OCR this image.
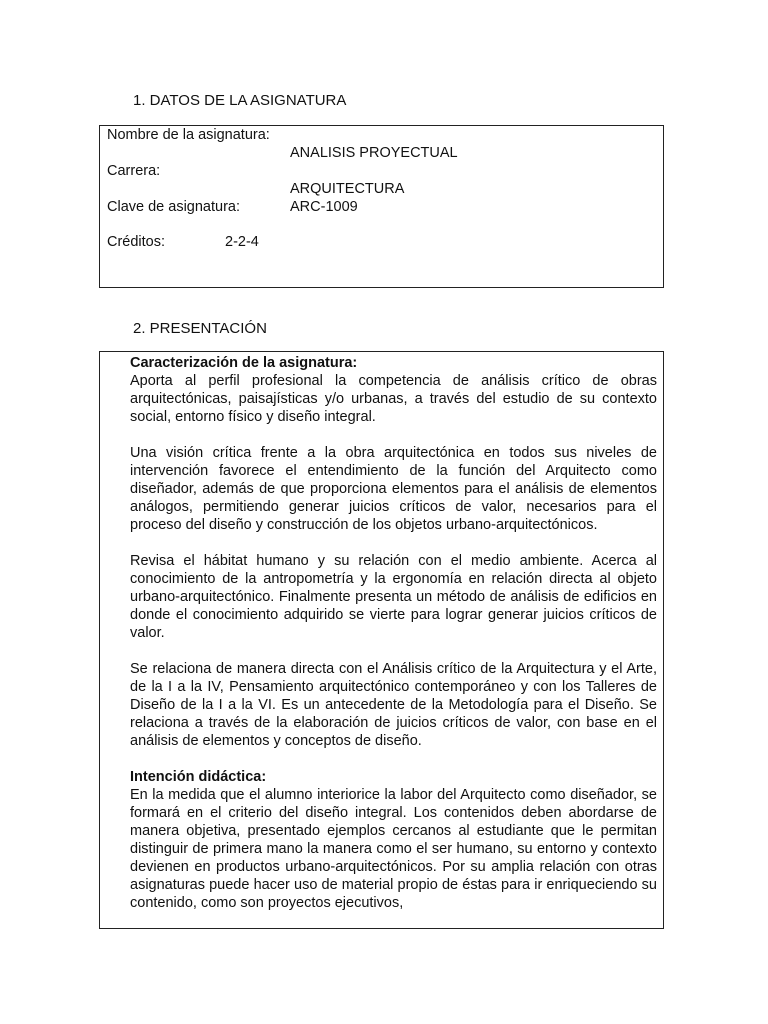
1. DATOS DE LA ASIGNATURA
Nombre de la asignatura:
ANALISIS PROYECTUAL
Carrera:
ARQUITECTURA
Clave de asignatura:	ARC-1009
Créditos:	2-2-4
2. PRESENTACIÓN
Caracterización de la asignatura:

Aporta al perfil profesional la competencia de análisis crítico de obras arquitectónicas, paisajísticas y/o urbanas, a través del estudio de su contexto social, entorno físico y diseño integral.

Una visión crítica frente a la obra arquitectónica en todos sus niveles de intervención favorece el entendimiento de la función del Arquitecto como diseñador, además de que proporciona elementos para el análisis de elementos análogos, permitiendo generar juicios críticos de valor, necesarios para el proceso del diseño y construcción de los objetos urbano-arquitectónicos.

Revisa el hábitat humano y su relación con el medio ambiente. Acerca al conocimiento de la antropometría y la ergonomía en relación directa al objeto urbano-arquitectónico. Finalmente presenta un método de análisis de edificios en donde el conocimiento adquirido se vierte para lograr generar juicios críticos de valor.

Se relaciona de manera directa con el Análisis crítico de la Arquitectura y el Arte, de la I a la IV, Pensamiento arquitectónico contemporáneo y con los Talleres de Diseño de la I a la VI. Es un antecedente de la Metodología para el Diseño. Se relaciona a través de la elaboración de juicios críticos de valor, con base en el análisis de elementos y conceptos de diseño.

Intención didáctica:

En la medida que el alumno interiorice la labor del Arquitecto como diseñador, se formará en el criterio del diseño integral. Los contenidos deben abordarse de manera objetiva, presentado ejemplos cercanos al estudiante que le permitan distinguir de primera mano la manera como el ser humano, su entorno y contexto devienen en productos urbano-arquitectónicos. Por su amplia relación con otras asignaturas puede hacer uso de material propio de éstas para ir enriqueciendo su contenido, como son proyectos ejecutivos,
